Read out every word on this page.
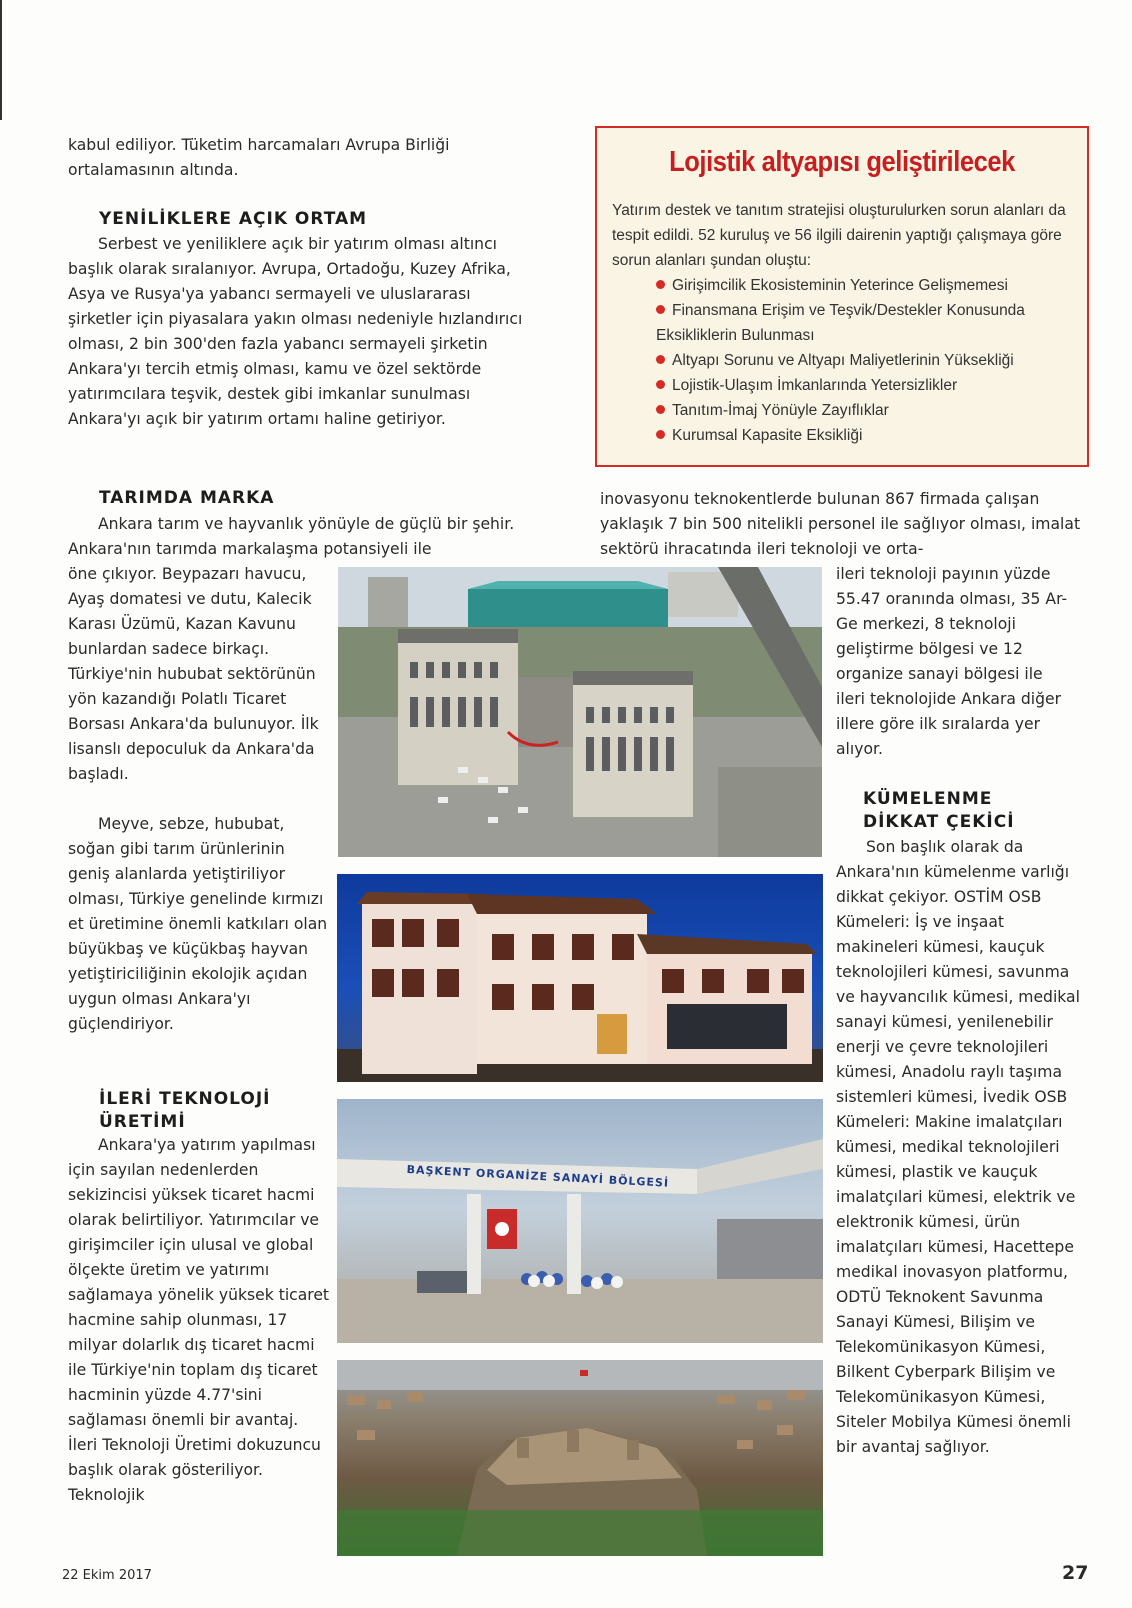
kabul ediliyor. Tüketim harcamaları Avrupa Birliği ortalamasının altında.
YENİLİKLERE AÇIK ORTAM
Serbest ve yeniliklere açık bir yatırım olması altıncı başlık olarak sıralanıyor. Avrupa, Ortadoğu, Kuzey Afrika, Asya ve Rusya'ya yabancı sermayeli ve uluslararası şirketler için piyasalara yakın olması nedeniyle hızlandırıcı olması, 2 bin 300'den fazla yabancı sermayeli şirketin Ankara'yı tercih etmiş olması, kamu ve özel sektörde yatırımcılara teşvik, destek gibi imkanlar sunulması Ankara'yı açık bir yatırım ortamı haline getiriyor.
TARIMDA MARKA
Ankara tarım ve hayvanlık yönüyle de güçlü bir şehir. Ankara'nın tarımda markalaşma potansiyeli ile
öne çıkıyor. Beypazarı havucu, Ayaş domatesi ve dutu, Kalecik Karası Üzümü, Kazan Kavunu bunlardan sadece birkaçı. Türkiye'nin hububat sektörünün yön kazandığı Polatlı Ticaret Borsası Ankara'da bulunuyor. İlk lisanslı depoculuk da Ankara'da başladı.
Meyve, sebze, hububat, soğan gibi tarım ürünlerinin geniş alanlarda yetiştiriliyor olması, Türkiye genelinde kırmızı et üretimine önemli katkıları olan büyükbaş ve küçükbaş hayvan yetiştiriciliğinin ekolojik açıdan uygun olması Ankara'yı güçlendiriyor.
İLERİ TEKNOLOJİ ÜRETİMİ
Ankara'ya yatırım yapılması için sayılan nedenlerden sekizincisi yüksek ticaret hacmi olarak belirtiliyor. Yatırımcılar ve girişimciler için ulusal ve global ölçekte üretim ve yatırımı sağlamaya yönelik yüksek ticaret hacmine sahip olunması, 17 milyar dolarlık dış ticaret hacmi ile Türkiye'nin toplam dış ticaret hacminin yüzde 4.77'sini sağlaması önemli bir avantaj. İleri Teknoloji Üretimi dokuzuncu başlık olarak gösteriliyor. Teknolojik
Lojistik altyapısı geliştirilecek
Yatırım destek ve tanıtım stratejisi oluşturulurken sorun alanları da tespit edildi. 52 kuruluş ve 56 ilgili dairenin yaptığı çalışmaya göre sorun alanları şundan oluştu:
Girişimcilik Ekosisteminin Yeterince Gelişmemesi
Finansmana Erişim ve Teşvik/Destekler Konusunda Eksikliklerin Bulunması
Altyapı Sorunu ve Altyapı Maliyetlerinin Yüksekliği
Lojistik-Ulaşım İmkanlarında Yetersizlikler
Tanıtım-İmaj Yönüyle Zayıflıklar
Kurumsal Kapasite Eksikliği
inovasyonu teknokentlerde bulunan 867 firmada çalışan yaklaşık 7 bin 500 nitelikli personel ile sağlıyor olması, imalat sektörü ihracatında ileri teknoloji ve orta-
ileri teknoloji payının yüzde 55.47 oranında olması, 35 Ar-Ge merkezi, 8 teknoloji geliştirme bölgesi ve 12 organize sanayi bölgesi ile ileri teknolojide Ankara diğer illere göre ilk sıralarda yer alıyor.
KÜMELENME DİKKAT ÇEKİCİ
Son başlık olarak da Ankara'nın kümelenme varlığı dikkat çekiyor. OSTİM OSB Kümeleri: İş ve inşaat makineleri kümesi, kauçuk teknolojileri kümesi, savunma ve hayvancılık kümesi, medikal sanayi kümesi, yenilenebilir enerji ve çevre teknolojileri kümesi, Anadolu raylı taşıma sistemleri kümesi, İvedik OSB Kümeleri: Makine imalatçıları kümesi, medikal teknolojileri kümesi, plastik ve kauçuk imalatçılari kümesi, elektrik ve elektronik kümesi, ürün imalatçıları kümesi, Hacettepe medikal inovasyon platformu, ODTÜ Teknokent Savunma Sanayi Kümesi, Bilişim ve Telekomünikasyon Kümesi, Bilkent Cyberpark Bilişim ve Telekomünikasyon Kümesi, Siteler Mobilya Kümesi önemli bir avantaj sağlıyor.
BAŞKENT ORGANİZE SANAYİ BÖLGESİ
22 Ekim 2017	27
